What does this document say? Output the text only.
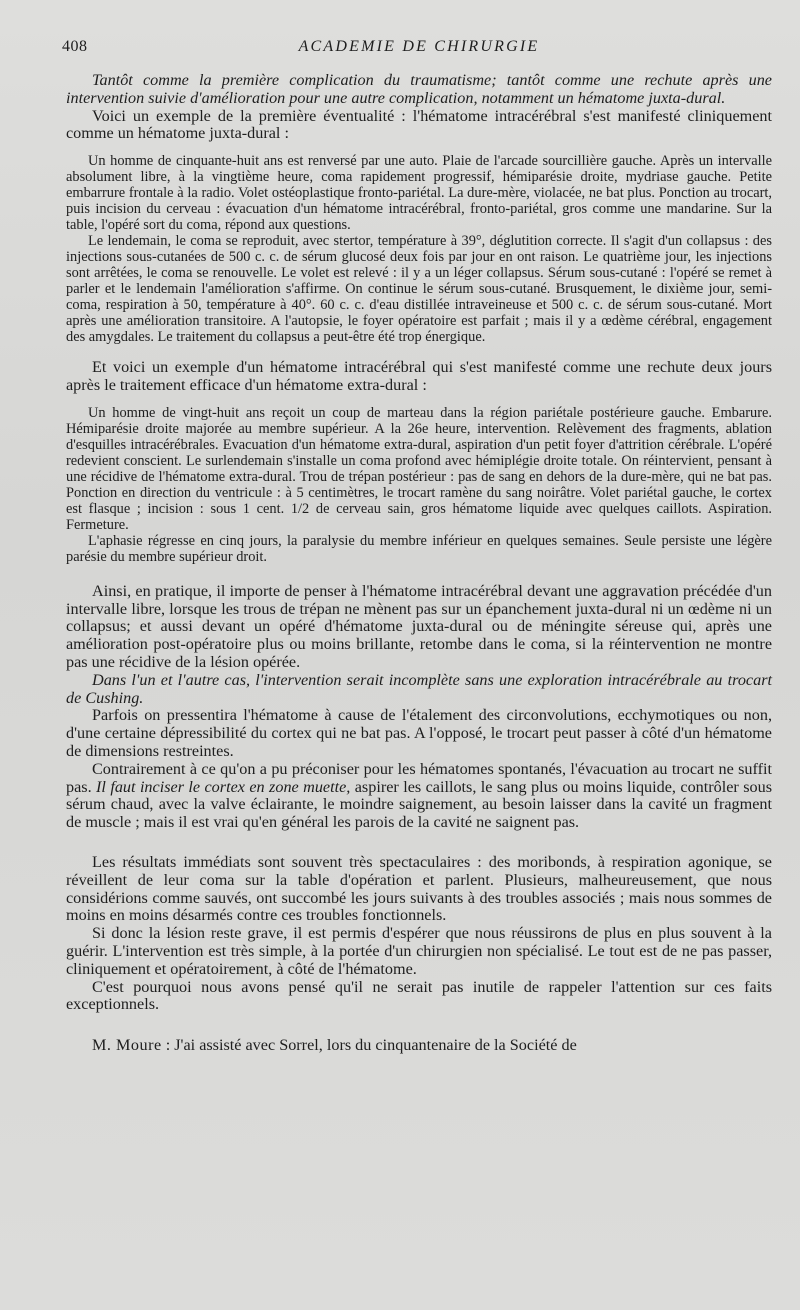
408	ACADEMIE DE CHIRURGIE

Tantôt comme la première complication du traumatisme; tantôt comme une rechute après une intervention suivie d'amélioration pour une autre complication, notamment un hématome juxta-dural.

Voici un exemple de la première éventualité : l'hématome intracérébral s'est manifesté cliniquement comme un hématome juxta-dural :

Un homme de cinquante-huit ans est renversé par une auto. Plaie de l'arcade sourcillière gauche. Après un intervalle absolument libre, à la vingtième heure, coma rapidement progressif, hémiparésie droite, mydriase gauche. Petite embarrure frontale à la radio. Volet ostéoplastique fronto-pariétal. La dure-mère, violacée, ne bat plus. Ponction au trocart, puis incision du cerveau : évacuation d'un hématome intracérébral, fronto-pariétal, gros comme une mandarine. Sur la table, l'opéré sort du coma, répond aux questions.

Le lendemain, le coma se reproduit, avec stertor, température à 39°, déglutition correcte. Il s'agit d'un collapsus : des injections sous-cutanées de 500 c. c. de sérum glucosé deux fois par jour en ont raison. Le quatrième jour, les injections sont arrêtées, le coma se renouvelle. Le volet est relevé : il y a un léger collapsus. Sérum sous-cutané : l'opéré se remet à parler et le lendemain l'amélioration s'affirme. On continue le sérum sous-cutané. Brusquement, le dixième jour, semi-coma, respiration à 50, température à 40°. 60 c. c. d'eau distillée intraveineuse et 500 c. c. de sérum sous-cutané. Mort après une amélioration transitoire. A l'autopsie, le foyer opératoire est parfait ; mais il y a œdème cérébral, engagement des amygdales. Le traitement du collapsus a peut-être été trop énergique.

Et voici un exemple d'un hématome intracérébral qui s'est manifesté comme une rechute deux jours après le traitement efficace d'un hématome extra-dural :

Un homme de vingt-huit ans reçoit un coup de marteau dans la région pariétale postérieure gauche. Embarure. Hémiparésie droite majorée au membre supérieur. A la 26e heure, intervention. Relèvement des fragments, ablation d'esquilles intracérébrales. Evacuation d'un hématome extra-dural, aspiration d'un petit foyer d'attrition cérébrale. L'opéré redevient conscient. Le surlendemain s'installe un coma profond avec hémiplégie droite totale. On réintervient, pensant à une récidive de l'hématome extra-dural. Trou de trépan postérieur : pas de sang en dehors de la dure-mère, qui ne bat pas. Ponction en direction du ventricule : à 5 centimètres, le trocart ramène du sang noirâtre. Volet pariétal gauche, le cortex est flasque ; incision : sous 1 cent. 1/2 de cerveau sain, gros hématome liquide avec quelques caillots. Aspiration. Fermeture.

L'aphasie régresse en cinq jours, la paralysie du membre inférieur en quelques semaines. Seule persiste une légère parésie du membre supérieur droit.

Ainsi, en pratique, il importe de penser à l'hématome intracérébral devant une aggravation précédée d'un intervalle libre, lorsque les trous de trépan ne mènent pas sur un épanchement juxta-dural ni un œdème ni un collapsus; et aussi devant un opéré d'hématome juxta-dural ou de méningite séreuse qui, après une amélioration post-opératoire plus ou moins brillante, retombe dans le coma, si la réintervention ne montre pas une récidive de la lésion opérée.

Dans l'un et l'autre cas, l'intervention serait incomplète sans une exploration intracérébrale au trocart de Cushing.

Parfois on pressentira l'hématome à cause de l'étalement des circonvolutions, ecchymotiques ou non, d'une certaine dépressibilité du cortex qui ne bat pas. A l'opposé, le trocart peut passer à côté d'un hématome de dimensions restreintes.

Contrairement à ce qu'on a pu préconiser pour les hématomes spontanés, l'évacuation au trocart ne suffit pas. Il faut inciser le cortex en zone muette, aspirer les caillots, le sang plus ou moins liquide, contrôler sous sérum chaud, avec la valve éclairante, le moindre saignement, au besoin laisser dans la cavité un fragment de muscle ; mais il est vrai qu'en général les parois de la cavité ne saignent pas.

Les résultats immédiats sont souvent très spectaculaires : des moribonds, à respiration agonique, se réveillent de leur coma sur la table d'opération et parlent. Plusieurs, malheureusement, que nous considérions comme sauvés, ont succombé les jours suivants à des troubles associés ; mais nous sommes de moins en moins désarmés contre ces troubles fonctionnels.

Si donc la lésion reste grave, il est permis d'espérer que nous réussirons de plus en plus souvent à la guérir. L'intervention est très simple, à la portée d'un chirurgien non spécialisé. Le tout est de ne pas passer, cliniquement et opératoirement, à côté de l'hématome.

C'est pourquoi nous avons pensé qu'il ne serait pas inutile de rappeler l'attention sur ces faits exceptionnels.

M. Moure : J'ai assisté avec Sorrel, lors du cinquantenaire de la Société de
